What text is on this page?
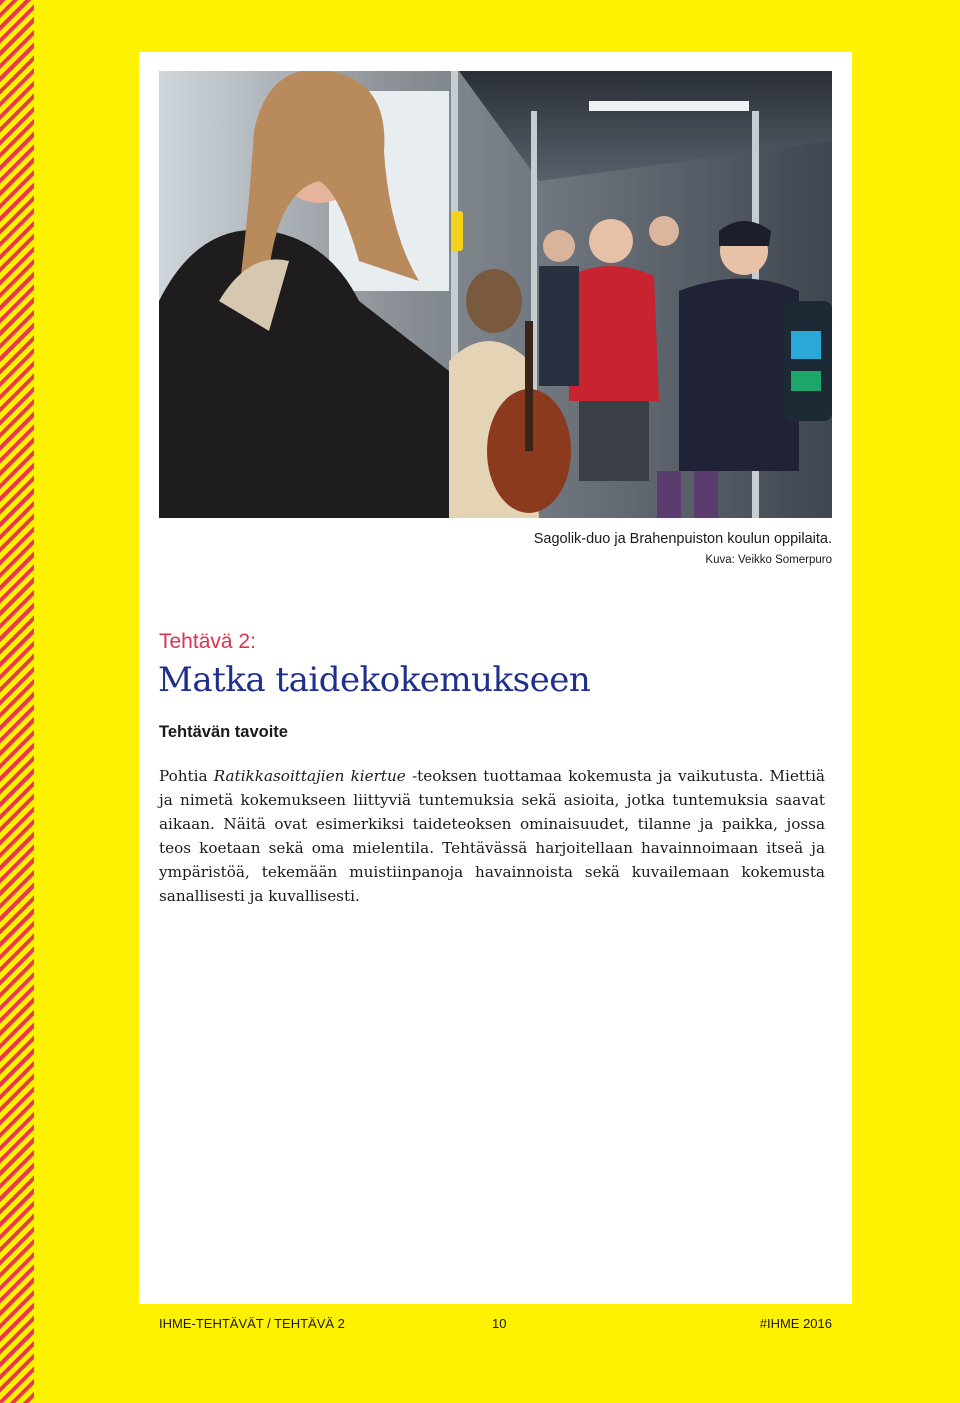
Sagolik-duo ja Brahenpuiston koulun oppilaita.
Kuva: Veikko Somerpuro
Tehtävä 2:
Matka taidekokemukseen
Tehtävän tavoite
Pohtia Ratikkasoittajien kiertue -teoksen tuottamaa kokemusta ja vaikutusta. Miettiä ja nimetä kokemukseen liittyviä tuntemuksia sekä asioita, jotka tuntemuksia saavat aikaan. Näitä ovat esimerkiksi taideteoksen ominaisuudet, tilanne ja paikka, jossa teos koetaan sekä oma mielentila. Tehtävässä harjoitellaan havainnoimaan itseä ja ympäristöä, tekemään muistiinpanoja havainnoista sekä kuvailemaan kokemusta sanallisesti ja kuvallisesti.
IHME-TEHTÄVÄT / TEHTÄVÄ 2	10	#IHME 2016
